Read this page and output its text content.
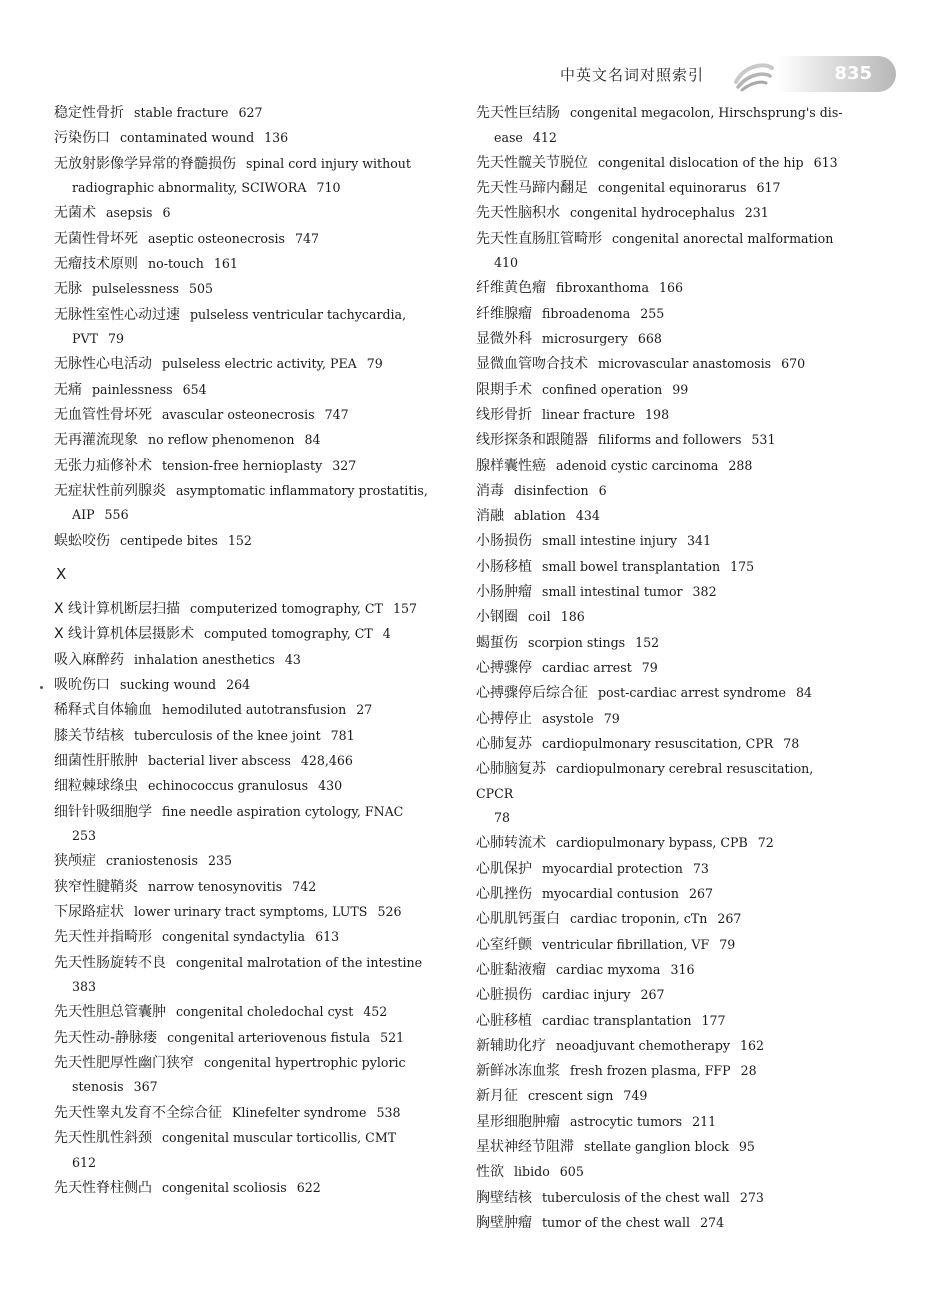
中英文名词对照索引	835
稳定性骨折 stable fracture 627
污染伤口 contaminated wound 136
无放射影像学异常的脊髓损伤 spinal cord injury without
radiographic abnormality, SCIWORA 710
无菌术 asepsis 6
无菌性骨坏死 aseptic osteonecrosis 747
无瘤技术原则 no-touch 161
无脉 pulselessness 505
无脉性室性心动过速 pulseless ventricular tachycardia,
PVT 79
无脉性心电活动 pulseless electric activity, PEA 79
无痛 painlessness 654
无血管性骨坏死 avascular osteonecrosis 747
无再灌流现象 no reflow phenomenon 84
无张力疝修补术 tension-free hernioplasty 327
无症状性前列腺炎 asymptomatic inflammatory prostatitis,
AIP 556
蜈蚣咬伤 centipede bites 152
X
X 线计算机断层扫描 computerized tomography, CT 157
X 线计算机体层摄影术 computed tomography, CT 4
吸入麻醉药 inhalation anesthetics 43
吸吮伤口 sucking wound 264
稀释式自体输血 hemodiluted autotransfusion 27
膝关节结核 tuberculosis of the knee joint 781
细菌性肝脓肿 bacterial liver abscess 428,466
细粒棘球绦虫 echinococcus granulosus 430
细针针吸细胞学 fine needle aspiration cytology, FNAC
253
狭颅症 craniostenosis 235
狭窄性腱鞘炎 narrow tenosynovitis 742
下尿路症状 lower urinary tract symptoms, LUTS 526
先天性并指畸形 congenital syndactylia 613
先天性肠旋转不良 congenital malrotation of the intestine
383
先天性胆总管囊肿 congenital choledochal cyst 452
先天性动-静脉瘘 congenital arteriovenous fistula 521
先天性肥厚性幽门狭窄 congenital hypertrophic pyloric
stenosis 367
先天性睾丸发育不全综合征 Klinefelter syndrome 538
先天性肌性斜颈 congenital muscular torticollis, CMT
612
先天性脊柱侧凸 congenital scoliosis 622
先天性巨结肠 congenital megacolon, Hirschsprung's dis-
ease 412
先天性髋关节脱位 congenital dislocation of the hip 613
先天性马蹄内翻足 congenital equinorarus 617
先天性脑积水 congenital hydrocephalus 231
先天性直肠肛管畸形 congenital anorectal malformation
410
纤维黄色瘤 fibroxanthoma 166
纤维腺瘤 fibroadenoma 255
显微外科 microsurgery 668
显微血管吻合技术 microvascular anastomosis 670
限期手术 confined operation 99
线形骨折 linear fracture 198
线形探条和跟随器 filiforms and followers 531
腺样囊性癌 adenoid cystic carcinoma 288
消毒 disinfection 6
消融 ablation 434
小肠损伤 small intestine injury 341
小肠移植 small bowel transplantation 175
小肠肿瘤 small intestinal tumor 382
小钢圈 coil 186
蝎蜇伤 scorpion stings 152
心搏骤停 cardiac arrest 79
心搏骤停后综合征 post-cardiac arrest syndrome 84
心搏停止 asystole 79
心肺复苏 cardiopulmonary resuscitation, CPR 78
心肺脑复苏 cardiopulmonary cerebral resuscitation, CPCR
78
心肺转流术 cardiopulmonary bypass, CPB 72
心肌保护 myocardial protection 73
心肌挫伤 myocardial contusion 267
心肌肌钙蛋白 cardiac troponin, cTn 267
心室纤颤 ventricular fibrillation, VF 79
心脏黏液瘤 cardiac myxoma 316
心脏损伤 cardiac injury 267
心脏移植 cardiac transplantation 177
新辅助化疗 neoadjuvant chemotherapy 162
新鲜冰冻血浆 fresh frozen plasma, FFP 28
新月征 crescent sign 749
星形细胞肿瘤 astrocytic tumors 211
星状神经节阻滞 stellate ganglion block 95
性欲 libido 605
胸壁结核 tuberculosis of the chest wall 273
胸壁肿瘤 tumor of the chest wall 274
